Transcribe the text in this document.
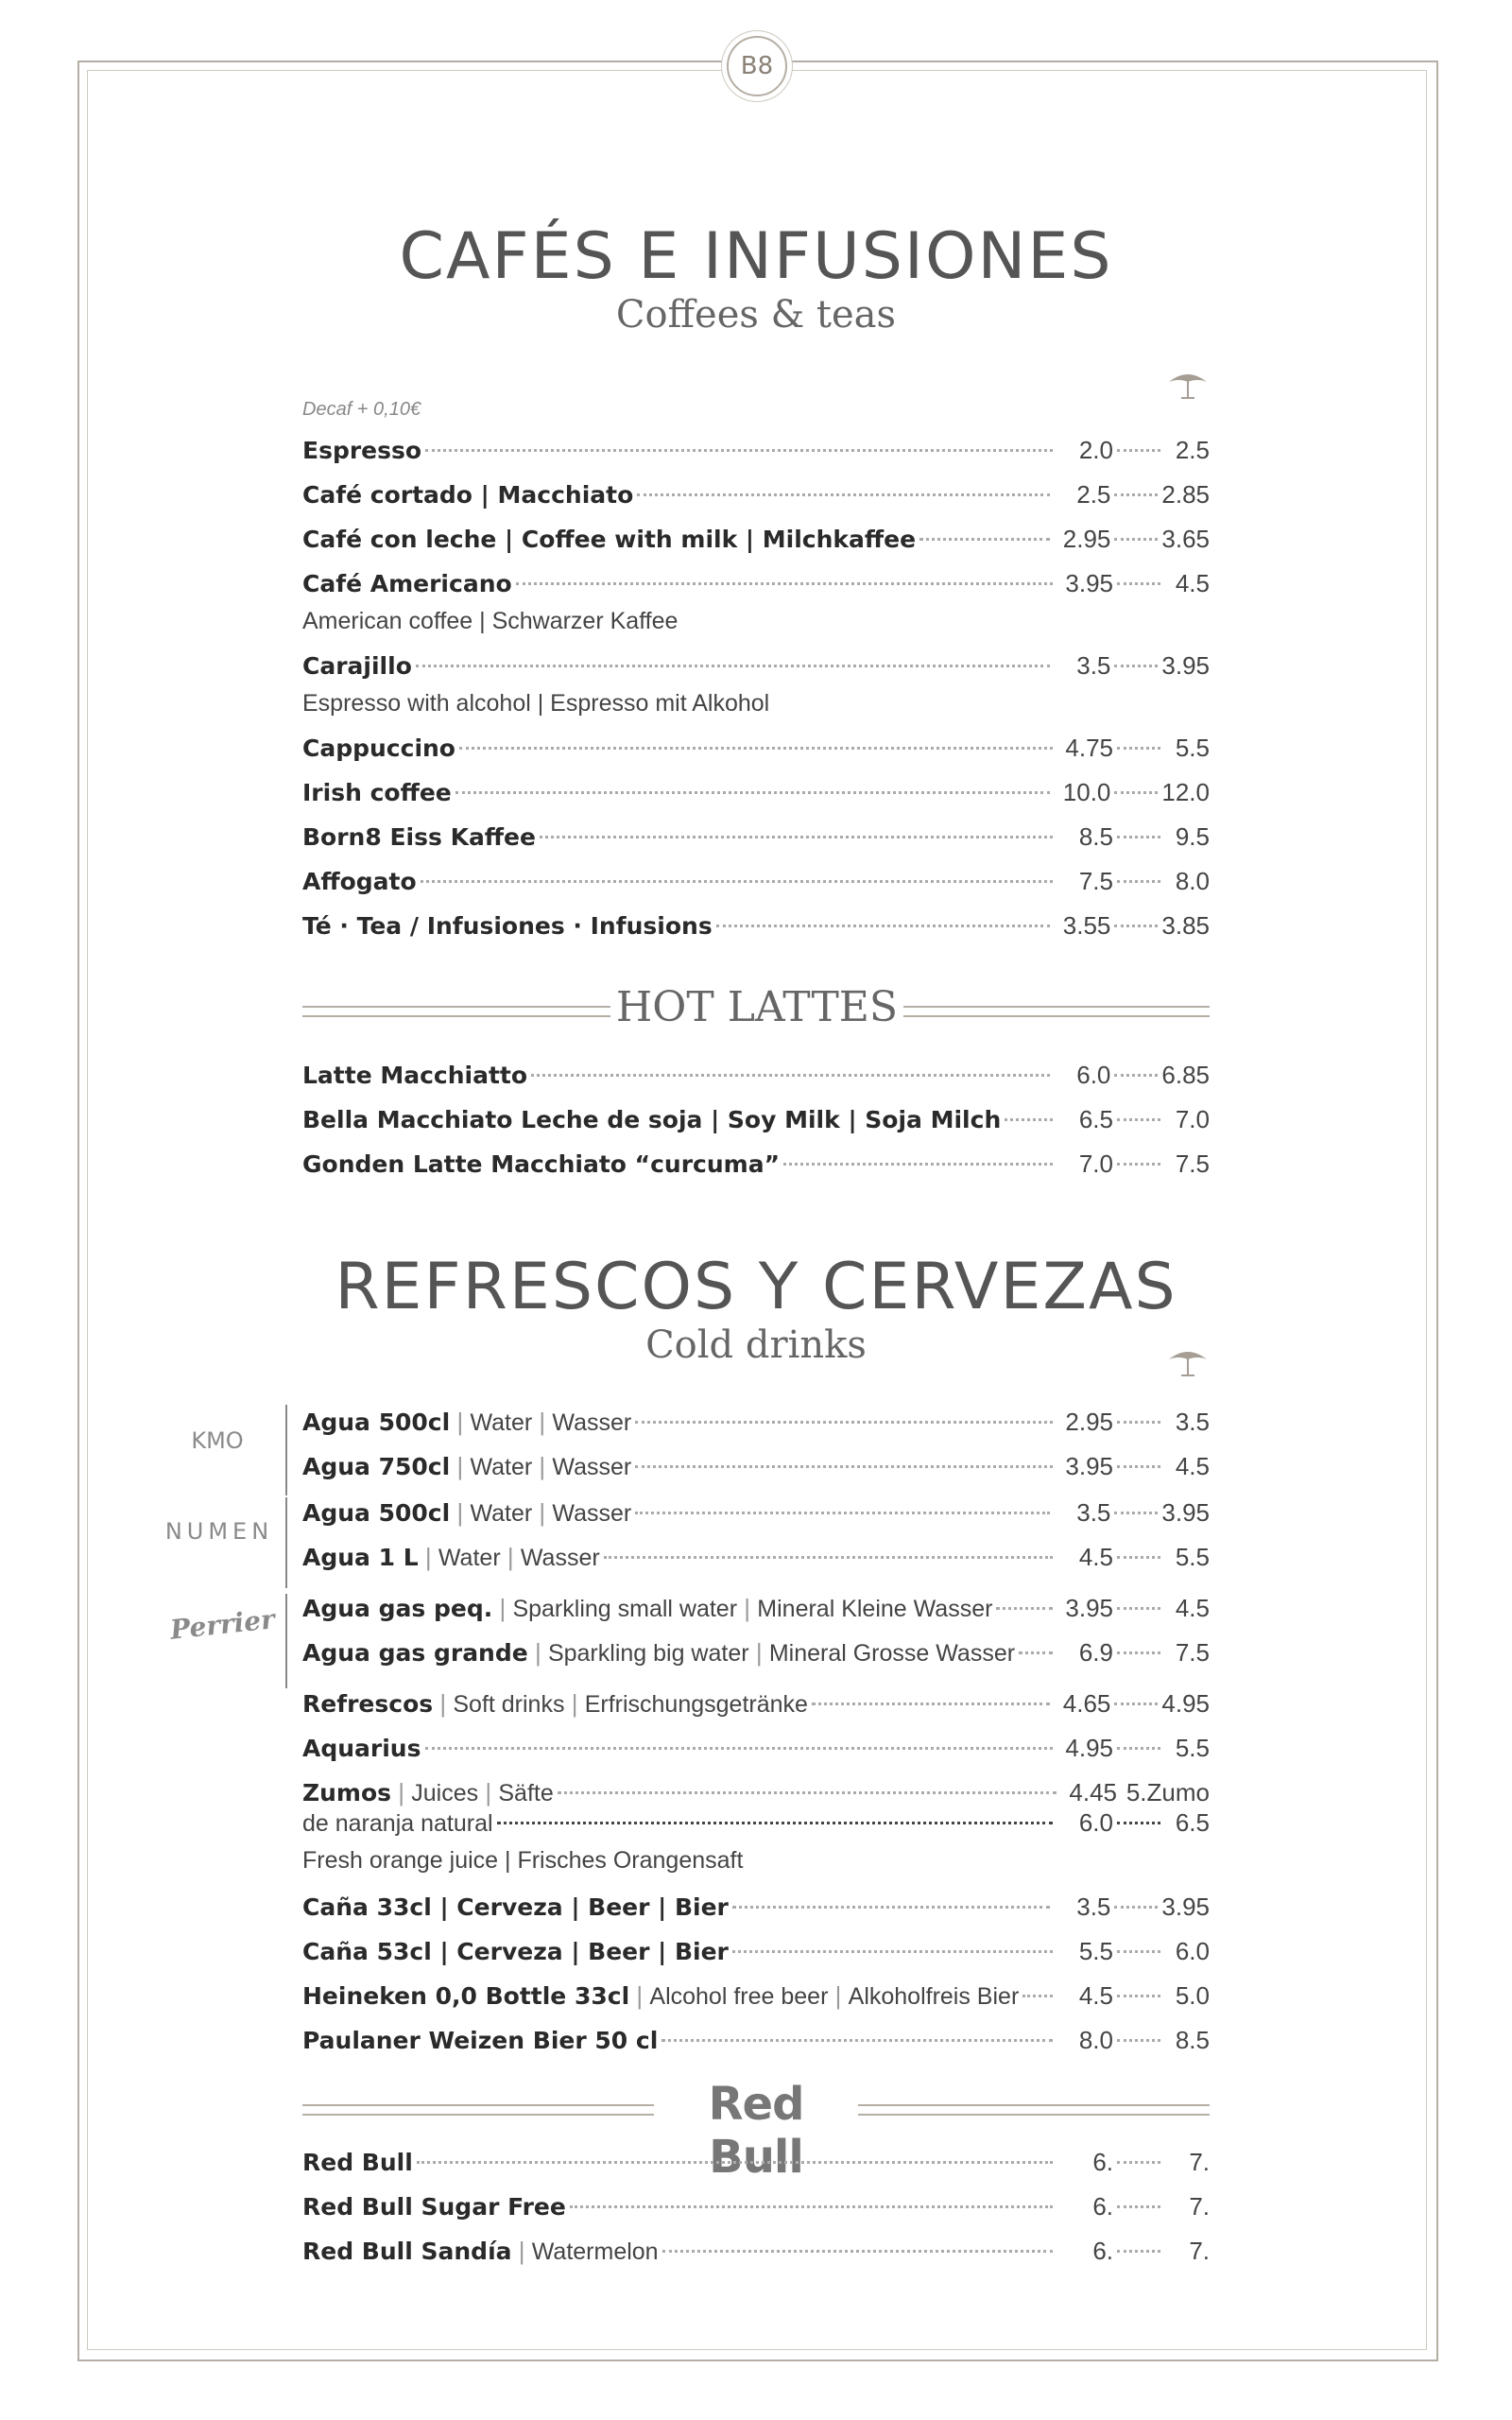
B8
CAFÉS E INFUSIONES
Coffees & teas
Decaf + 0,10€
Espresso	2.0	2.5
Café cortado | Macchiato	2.5 2.85
Café con leche | Coffee with milk | Milchkaffee	2.95 3.65
Café Americano	3.95	4.5
American coffee | Schwarzer Kaffee
Carajillo	3.5 3.95
Espresso with alcohol | Espresso mit Alkohol
Cappuccino	4.75	5.5
Irish coffee	10.0 12.0
Born8 Eiss Kaffee	8.5	9.5
Affogato	7.5	8.0
Té · Tea / Infusiones · Infusions	3.55 3.85
HOT LATTES
Latte Macchiatto	6.0 6.85
Bella Macchiato Leche de soja | Soy Milk | Soja Milch	6.5	7.0
Gonden Latte Macchiato “curcuma”	7.0	7.5
REFRESCOS Y CERVEZAS
Cold drinks
KMO
NUMEN
Perrier
Agua 500cl | Water | Wasser	2.95	3.5
Agua 750cl | Water | Wasser	3.95	4.5
Agua 500cl | Water | Wasser	3.5 3.95
Agua 1 L | Water | Wasser	4.5	5.5
Agua gas peq. | Sparkling small water | Mineral Kleine Wasser	3.95	4.5
Agua gas grande | Sparkling big water | Mineral Grosse Wasser	6.9	7.5
Refrescos | Soft drinks | Erfrischungsgetränke	4.65 4.95
Aquarius	4.95	5.5
Zumos | Juices | Säfte	4.45 5.Zumo
de naranja natural	6.0	6.5
Fresh orange juice | Frisches Orangensaft
Caña 33cl | Cerveza | Beer | Bier	3.5 3.95
Caña 53cl | Cerveza | Beer | Bier	5.5	6.0
Heineken 0,0 Bottle 33cl | Alcohol free beer | Alkoholfreis Bier	4.5	5.0
Paulaner Weizen Bier 50 cl	8.0	8.5
Red Bull
Red Bull	6.	7.
Red Bull Sugar Free	6.	7.
Red Bull Sandía | Watermelon	6.	7.
